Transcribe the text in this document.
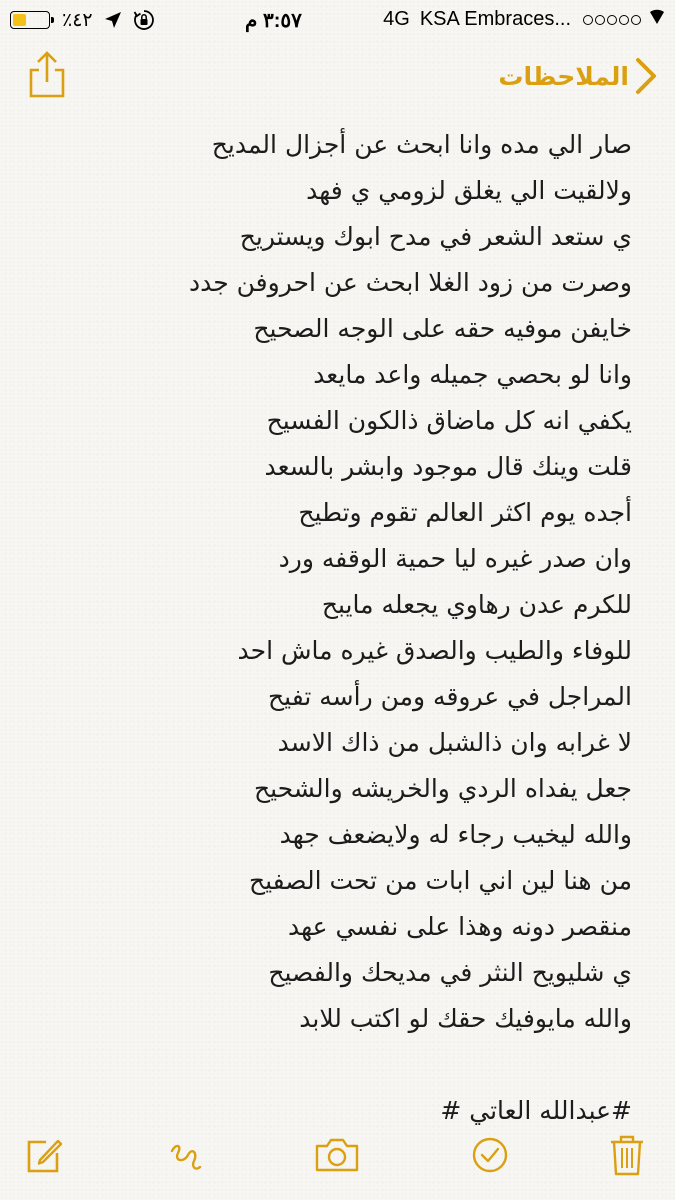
٪٤٢	٣:٥٧ م	4G KSA Embraces...
الملاحظات
صار الي مده وانا ابحث عن أجزال المديح
ولالقيت الي يغلق لزومي ي فهد
ي ستعد الشعر في مدح ابوك ويستريح
وصرت من زود الغلا ابحث عن احروفن جدد
خايفن موفيه حقه على الوجه الصحيح
وانا لو بحصي جميله واعد مايعد
يكفي انه كل ماضاق ذالكون الفسيح
قلت وينك قال موجود وابشر بالسعد
أجده يوم اكثر العالم تقوم وتطيح
وان صدر غيره ليا حمية الوقفه ورد
للكرم عدن رهاوي يجعله مايبح
للوفاء والطيب والصدق غيره ماش احد
المراجل في عروقه ومن رأسه تفيح
لا غرابه وان ذالشبل من ذاك الاسد
جعل يفداه الردي والخريشه والشحيح
والله ليخيب رجاء له ولايضعف جهد
من هنا لين اني ابات من تحت الصفيح
منقصر دونه وهذا على نفسي عهد
ي شليويح النثر في مديحك والفصيح
والله مايوفيك حقك لو اكتب للابد
#عبدالله العاتي #
